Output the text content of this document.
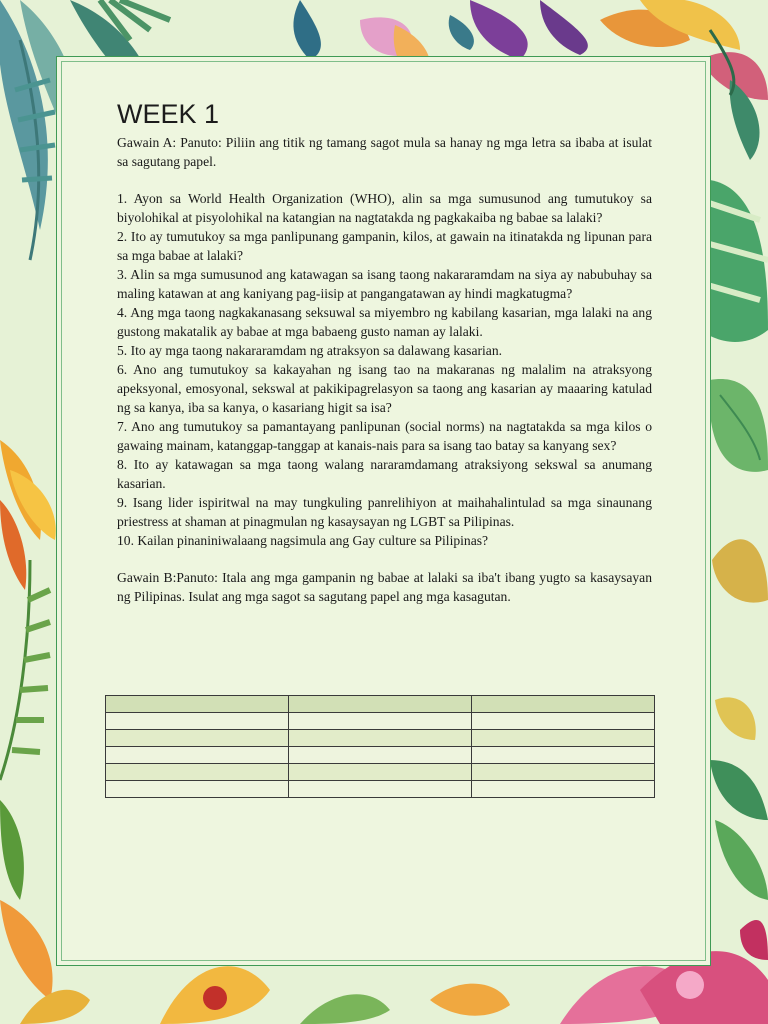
WEEK 1

Gawain A: Panuto: Piliin ang titik ng tamang sagot mula sa hanay ng mga letra sa ibaba at isulat sa sagutang papel.

1. Ayon sa World Health Organization (WHO), alin sa mga sumusunod ang tumutukoy sa biyolohikal at pisyolohikal na katangian na nagtatakda ng pagkakaiba ng babae sa lalaki?

2. Ito ay tumutukoy sa mga panlipunang gampanin, kilos, at gawain na itinatakda ng lipunan para sa mga babae at lalaki?

3. Alin sa mga sumusunod ang katawagan sa isang taong nakararamdam na siya ay nabubuhay sa maling katawan at ang kaniyang pag-iisip at pangangatawan ay hindi magkatugma?

4. Ang mga taong nagkakanasang seksuwal sa miyembro ng kabilang kasarian, mga lalaki na ang gustong makatalik ay babae at mga babaeng gusto naman ay lalaki.

5. Ito ay mga taong nakararamdam ng atraksyon sa dalawang kasarian.

6. Ano ang tumutukoy sa kakayahan ng isang tao na makaranas ng malalim na atraksyong apeksyonal, emosyonal, sekswal at pakikipagrelasyon sa taong ang kasarian ay maaaring katulad ng sa kanya, iba sa kanya, o kasariang higit sa isa?

7. Ano ang tumutukoy sa pamantayang panlipunan (social norms) na nagtatakda sa mga kilos o gawaing mainam, katanggap-tanggap at kanais-nais para sa isang tao batay sa kanyang sex?

8. Ito ay katawagan sa mga taong walang nararamdamang atraksiyong sekswal sa anumang kasarian.

9. Isang lider ispiritwal na may tungkuling panrelihiyon at maihahalintulad sa mga sinaunang priestress at shaman at pinagmulan ng kasaysayan ng LGBT sa Pilipinas.

10. Kailan pinaniniwalaang nagsimula ang Gay culture sa Pilipinas?

Gawain B:Panuto: Itala ang mga gampanin ng babae at lalaki sa iba't ibang yugto sa kasaysayan ng Pilipinas. Isulat ang mga sagot sa sagutang papel ang mga kasagutan.
